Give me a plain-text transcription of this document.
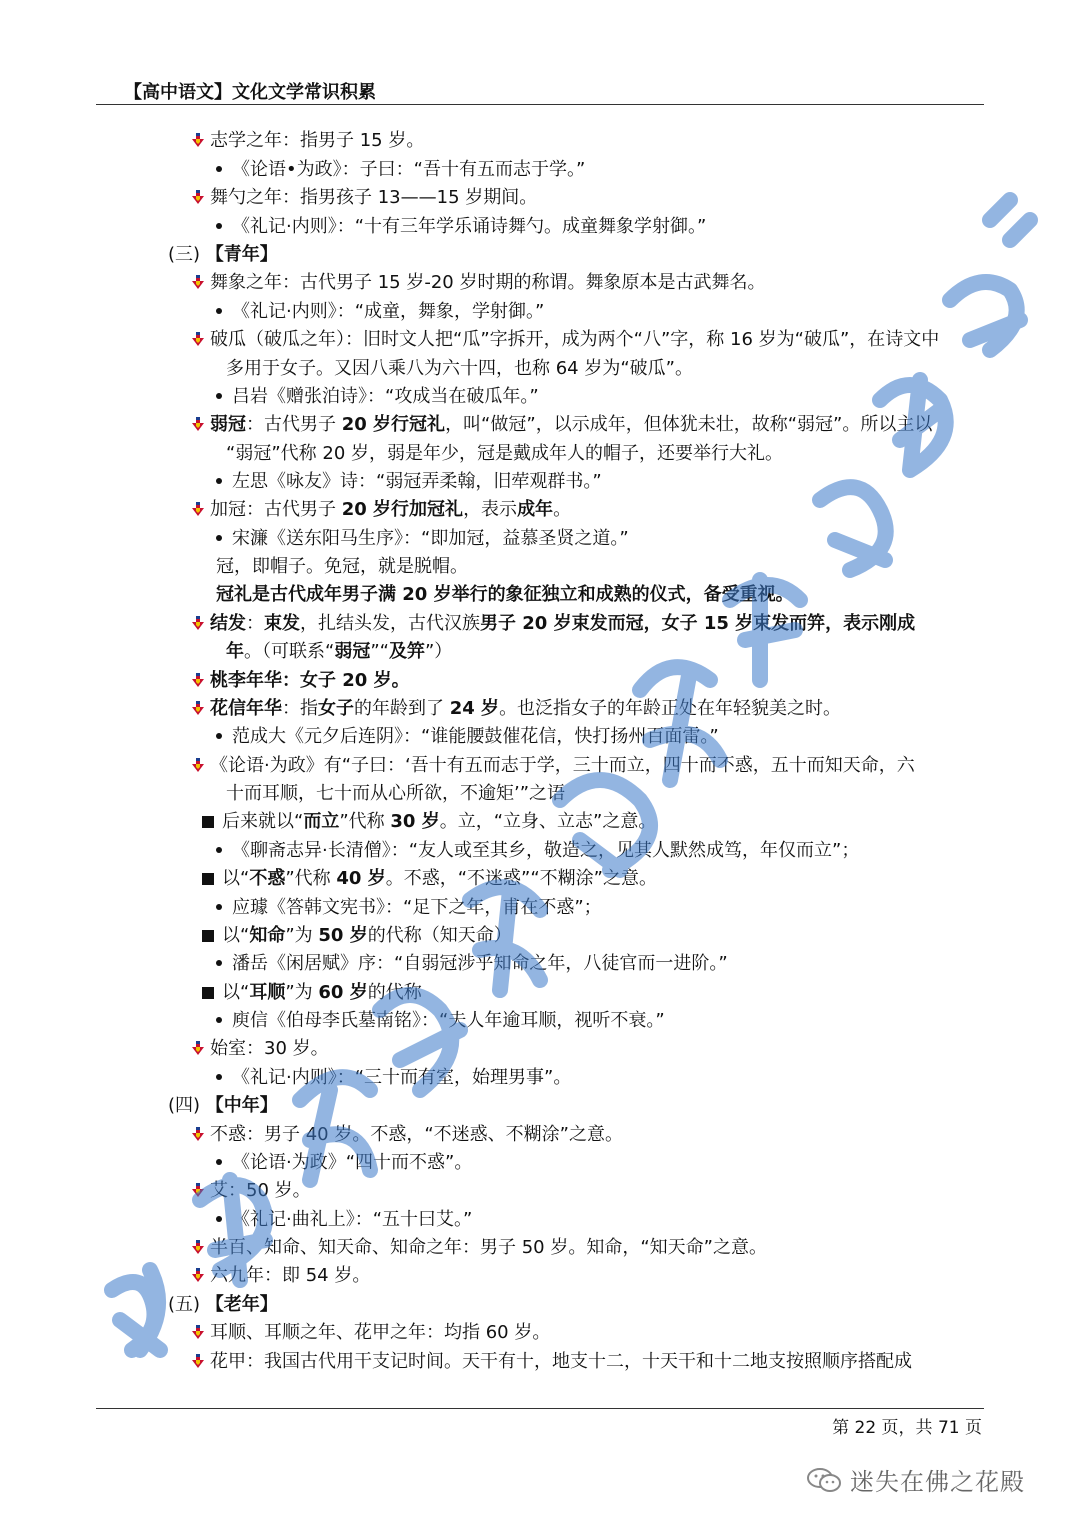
【高中语文】文化文学常识积累
志学之年：指男子 15 岁。
《论语•为政》：子曰：“吾十有五而志于学。”
舞勺之年：指男孩子 13——15 岁期间。
《礼记·内则》：“十有三年学乐诵诗舞勺。成童舞象学射御。”
(三) 【青年】
舞象之年：古代男子 15 岁-20 岁时期的称谓。舞象原本是古武舞名。
《礼记·内则》：“成童，舞象，学射御。”
破瓜（破瓜之年）：旧时文人把“瓜”字拆开，成为两个“八”字，称 16 岁为“破瓜”，在诗文中
多用于女子。又因八乘八为六十四，也称 64 岁为“破瓜”。
吕岩《赠张泊诗》：“攻成当在破瓜年。”
弱冠：古代男子 20 岁行冠礼，叫“做冠”，以示成年，但体犹未壮，故称“弱冠”。所以主以
“弱冠”代称 20 岁，弱是年少，冠是戴成年人的帽子，还要举行大礼。
左思《咏友》诗：“弱冠弄柔翰，旧荦观群书。”
加冠：古代男子 20 岁行加冠礼，表示成年。
宋濂《送东阳马生序》：“即加冠，益慕圣贤之道。”
冠，即帽子。免冠，就是脱帽。
冠礼是古代成年男子满 20 岁举行的象征独立和成熟的仪式，备受重视。
结发：束发，扎结头发，古代汉族男子 20 岁束发而冠，女子 15 岁束发而笄，表示刚成
年。（可联系“弱冠”“及笄”）
桃李年华：女子 20 岁。
花信年华：指女子的年龄到了 24 岁。也泛指女子的年龄正处在年轻貌美之时。
范成大《元夕后连阴》：“谁能腰鼓催花信，快打扬州百面雷。”
《论语·为政》有“子曰：‘吾十有五而志于学，三十而立，四十而不惑，五十而知天命，六
十而耳顺，七十而从心所欲，不逾矩’”之语
后来就以“而立”代称 30 岁。立，“立身、立志”之意。
《聊斋志异·长清僧》：“友人或至其乡，敬造之，见其人默然成笃，年仅而立”；
以“不惑”代称 40 岁。不惑，“不迷惑”“不糊涂”之意。
应璩《答韩文宪书》：“足下之年，甫在不惑”；
以“知命”为 50 岁的代称（知天命）
潘岳《闲居赋》序：“自弱冠涉乎知命之年，八徒官而一进阶。”
以“耳顺”为 60 岁的代称
庾信《伯母李氏墓南铭》：“夫人年逾耳顺，视听不衰。”
始室：30 岁。
《礼记·内则》：“三十而有室，始理男事”。
(四) 【中年】
不惑：男子 40 岁。不惑，“不迷惑、不糊涂”之意。
《论语·为政》“四十而不惑”。
艾：50 岁。
《礼记·曲礼上》：“五十曰艾。”
半百、知命、知天命、知命之年：男子 50 岁。知命，“知天命”之意。
六九年：即 54 岁。
(五) 【老年】
耳顺、耳顺之年、花甲之年：均指 60 岁。
花甲：我国古代用干支记时间。天干有十，地支十二，十天干和十二地支按照顺序搭配成
第 22 页，共 71 页
迷失在佛之花殿
